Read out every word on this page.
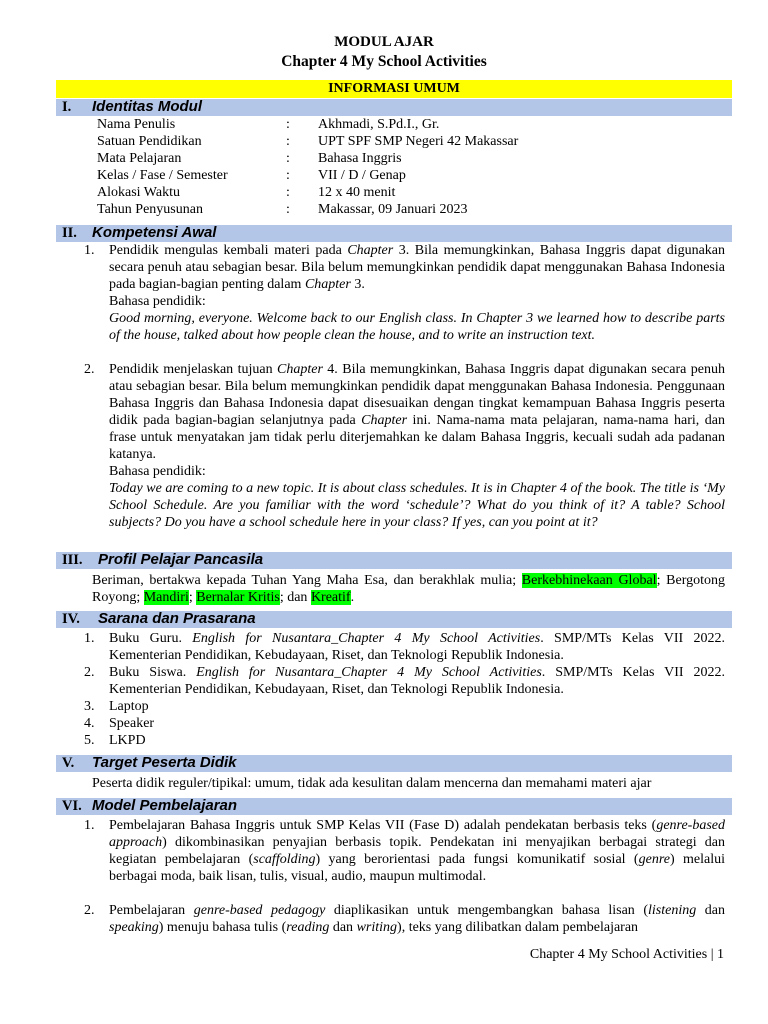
MODUL AJAR
Chapter 4 My School Activities
INFORMASI UMUM
I. Identitas Modul
Nama Penulis	: Akhmadi, S.Pd.I., Gr.
Satuan Pendidikan	: UPT SPF SMP Negeri 42 Makassar
Mata Pelajaran	: Bahasa Inggris
Kelas / Fase / Semester	: VII / D / Genap
Alokasi Waktu	: 12 x 40 menit
Tahun Penyusunan	: Makassar, 09 Januari 2023
II. Kompetensi Awal
1. Pendidik mengulas kembali materi pada Chapter 3. Bila memungkinkan, Bahasa Inggris dapat digunakan secara penuh atau sebagian besar. Bila belum memungkinkan pendidik dapat menggunakan Bahasa Indonesia pada bagian-bagian penting dalam Chapter 3.

Bahasa pendidik:

Good morning, everyone. Welcome back to our English class. In Chapter 3 we learned how to describe parts of the house, talked about how people clean the house, and to write an instruction text.

2. Pendidik menjelaskan tujuan Chapter 4. Bila memungkinkan, Bahasa Inggris dapat digunakan secara penuh atau sebagian besar. Bila belum memungkinkan pendidik dapat menggunakan Bahasa Indonesia. Penggunaan Bahasa Inggris dan Bahasa Indonesia dapat disesuaikan dengan tingkat kemampuan Bahasa Inggris peserta didik pada bagian-bagian selanjutnya pada Chapter ini. Nama-nama mata pelajaran, nama-nama hari, dan frase untuk menyatakan jam tidak perlu diterjemahkan ke dalam Bahasa Inggris, kecuali sudah ada padanan katanya.

Bahasa pendidik:

Today we are coming to a new topic. It is about class schedules. It is in Chapter 4 of the book. The title is ‘My School Schedule. Are you familiar with the word ‘schedule’? What do you think of it? A table? School subjects? Do you have a school schedule here in your class? If yes, can you point at it?

III. Profil Pelajar Pancasila
Beriman, bertakwa kepada Tuhan Yang Maha Esa, dan berakhlak mulia; Berkebhinekaan Global; Bergotong Royong; Mandiri; Bernalar Kritis; dan Kreatif.
IV. Sarana dan Prasarana
1. Buku Guru. English for Nusantara_Chapter 4 My School Activities. SMP/MTs Kelas VII 2022.

Kementerian Pendidikan, Kebudayaan, Riset, dan Teknologi Republik Indonesia.

2. Buku Siswa. English for Nusantara_Chapter 4 My School Activities. SMP/MTs Kelas VII 2022.

Kementerian Pendidikan, Kebudayaan, Riset, dan Teknologi Republik Indonesia.

3. Laptop
4. Speaker
5. LKPD
V. Target Peserta Didik
Peserta didik reguler/tipikal: umum, tidak ada kesulitan dalam mencerna dan memahami materi ajar
VI. Model Pembelajaran
1. Pembelajaran Bahasa Inggris untuk SMP Kelas VII (Fase D) adalah pendekatan berbasis teks (genre-based approach) dikombinasikan penyajian berbasis topik. Pendekatan ini menyajikan berbagai strategi dan kegiatan pembelajaran (scaffolding) yang berorientasi pada fungsi komunikatif sosial (genre) melalui berbagai moda, baik lisan, tulis, visual, audio, maupun multimodal.

2. Pembelajaran genre-based pedagogy diaplikasikan untuk mengembangkan bahasa lisan (listening dan speaking) menuju bahasa tulis (reading dan writing), teks yang dilibatkan dalam pembelajaran

Chapter 4 My School Activities | 1
